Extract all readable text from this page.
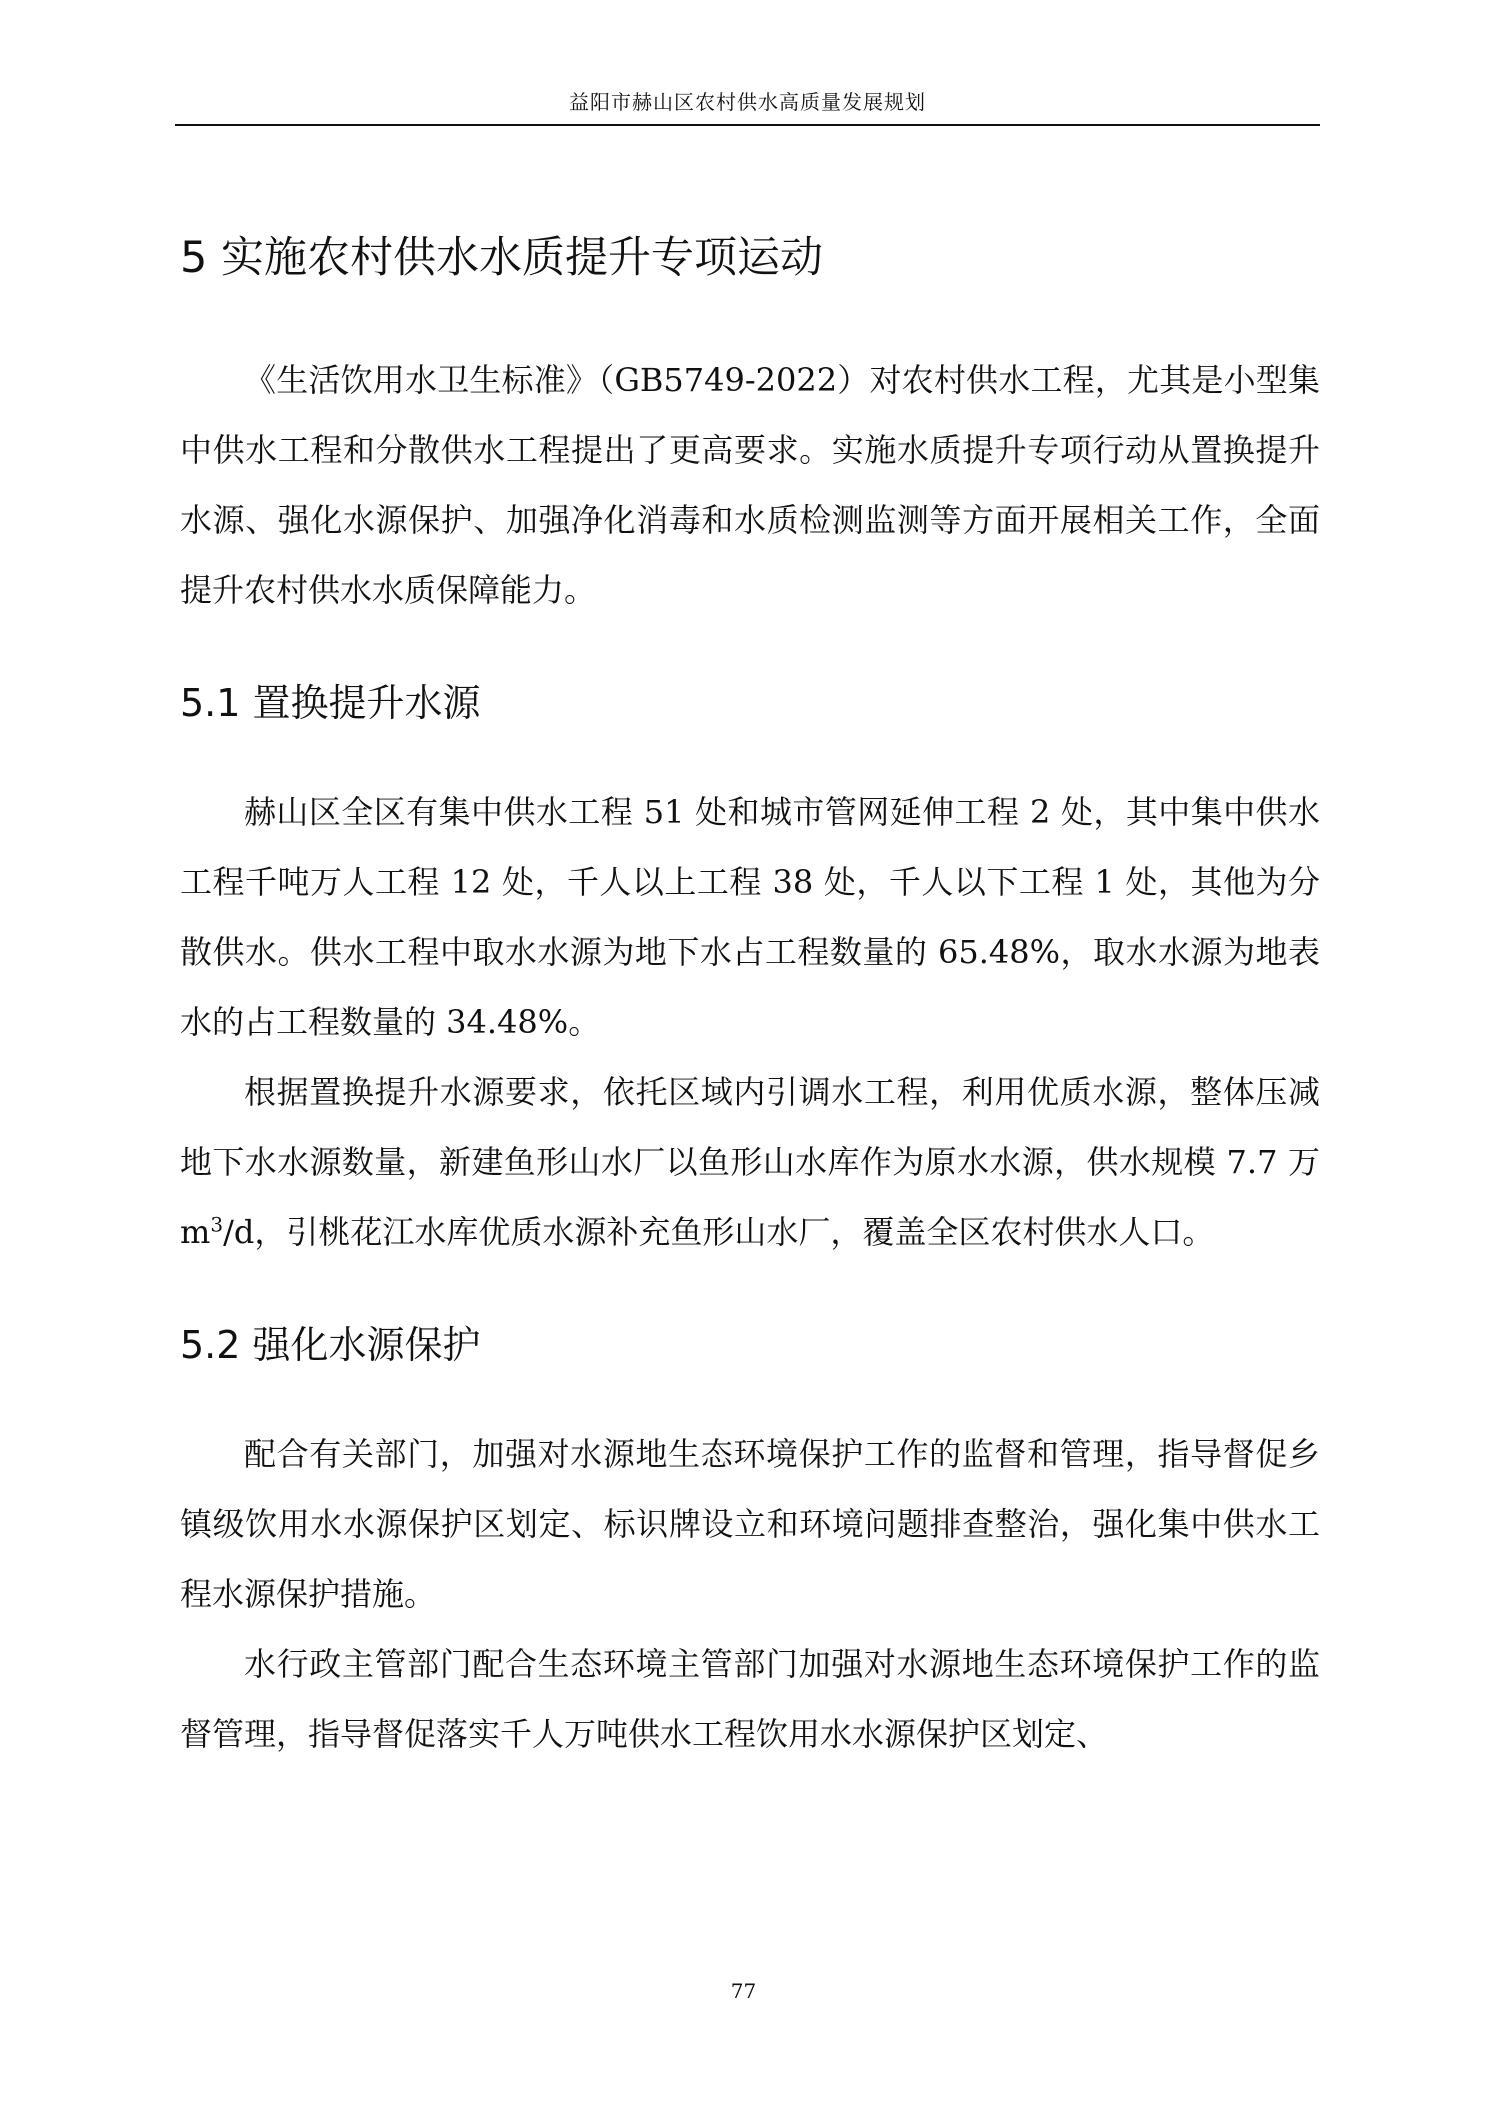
益阳市赫山区农村供水高质量发展规划
5 实施农村供水水质提升专项运动

《生活饮用水卫生标准》（GB5749-2022）对农村供水工程，尤其是小型集中供水工程和分散供水工程提出了更高要求。实施水质提升专项行动从置换提升水源、强化水源保护、加强净化消毒和水质检测监测等方面开展相关工作，全面提升农村供水水质保障能力。

5.1 置换提升水源

赫山区全区有集中供水工程 51 处和城市管网延伸工程 2 处，其中集中供水工程千吨万人工程 12 处，千人以上工程 38 处，千人以下工程 1 处，其他为分散供水。供水工程中取水水源为地下水占工程数量的 65.48%，取水水源为地表水的占工程数量的 34.48%。

根据置换提升水源要求，依托区域内引调水工程，利用优质水源，整体压减地下水水源数量，新建鱼形山水厂以鱼形山水库作为原水水源，供水规模 7.7 万 $m^3/d$，引桃花江水库优质水源补充鱼形山水厂，覆盖全区农村供水人口。

5.2 强化水源保护

配合有关部门，加强对水源地生态环境保护工作的监督和管理，指导督促乡镇级饮用水水源保护区划定、标识牌设立和环境问题排查整治，强化集中供水工程水源保护措施。

水行政主管部门配合生态环境主管部门加强对水源地生态环境保护工作的监督管理，指导督促落实千人万吨供水工程饮用水水源保护区划定、

77
